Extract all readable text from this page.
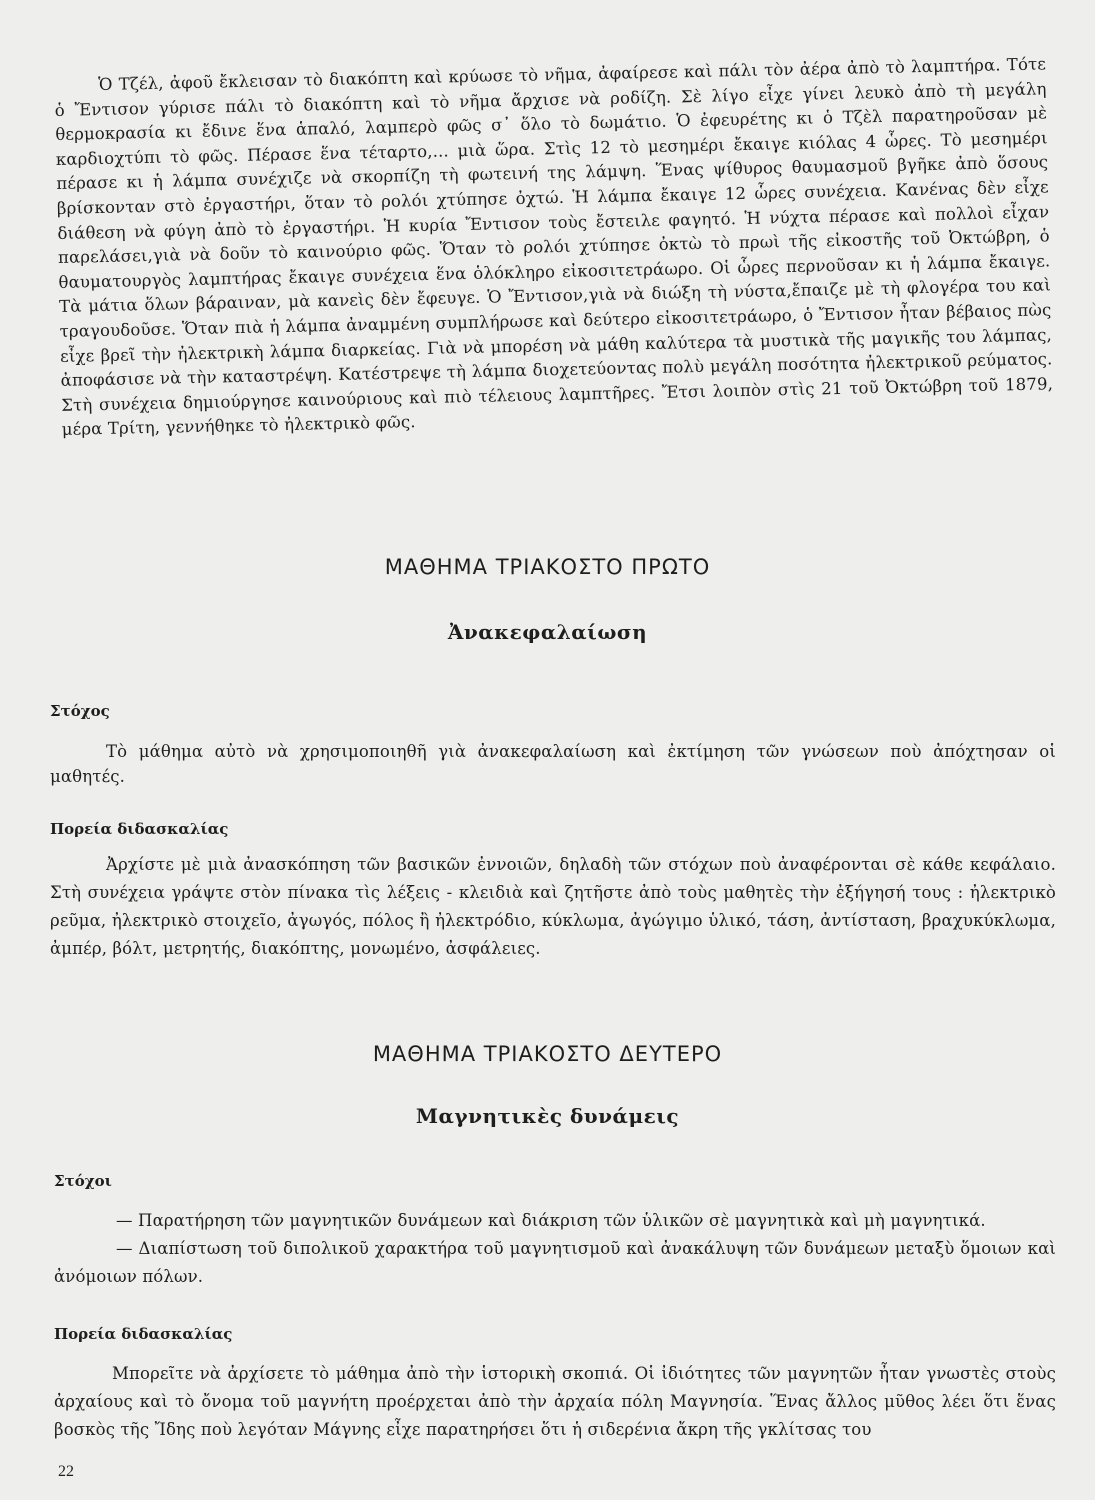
Ὁ Τζέλ, ἀφοῦ ἔκλεισαν τὸ διακόπτη καὶ κρύωσε τὸ νῆμα, ἀφαίρεσε καὶ πάλι τὸν ἀέρα ἀπὸ τὸ λαμπτήρα. Τότε ὁ Ἔντισον γύρισε πάλι τὸ διακόπτη καὶ τὸ νῆμα ἄρχισε νὰ ροδίζη. Σὲ λίγο εἶχε γίνει λευκὸ ἀπὸ τὴ μεγάλη θερμοκρασία κι ἔδινε ἕνα ἁπαλό, λαμπερὸ φῶς σ᾽ ὅλο τὸ δωμάτιο. Ὁ ἐφευρέτης κι ὁ Τζὲλ παρατηροῦσαν μὲ καρδιοχτύπι τὸ φῶς. Πέρασε ἕνα τέταρτο,... μιὰ ὥρα. Στὶς 12 τὸ μεσημέρι ἔκαιγε κιόλας 4 ὧρες. Τὸ μεσημέρι πέρασε κι ἡ λάμπα συνέχιζε νὰ σκορπίζη τὴ φωτεινή της λάμψη. Ἕνας ψίθυρος θαυμασμοῦ βγῆκε ἀπὸ ὅσους βρίσκονταν στὸ ἐργαστήρι, ὅταν τὸ ρολόι χτύπησε ὀχτώ. Ἡ λάμπα ἔκαιγε 12 ὧρες συνέχεια. Κανένας δὲν εἶχε διάθεση νὰ φύγη ἀπὸ τὸ ἐργαστήρι. Ἡ κυρία Ἔντισον τοὺς ἔστειλε φαγητό. Ἡ νύχτα πέρασε καὶ πολλοὶ εἶχαν παρελάσει,γιὰ νὰ δοῦν τὸ καινούριο φῶς. Ὅταν τὸ ρολόι χτύπησε ὀκτὼ τὸ πρωὶ τῆς εἰκοστῆς τοῦ Ὀκτώβρη, ὁ θαυματουργὸς λαμπτήρας ἔκαιγε συνέχεια ἕνα ὁλόκληρο εἰκοσιτετράωρο. Οἱ ὧρες περνοῦσαν κι ἡ λάμπα ἔκαιγε. Τὰ μάτια ὅλων βάραιναν, μὰ κανεὶς δὲν ἔφευγε. Ὁ Ἔντισον,γιὰ νὰ διώξη τὴ νύστα,ἔπαιζε μὲ τὴ φλογέρα του καὶ τραγουδοῦσε. Ὅταν πιὰ ἡ λάμπα ἀναμμένη συμπλήρωσε καὶ δεύτερο εἰκοσιτετράωρο, ὁ Ἔντισον ἦταν βέβαιος πὼς εἶχε βρεῖ τὴν ἠλεκτρικὴ λάμπα διαρκείας. Γιὰ νὰ μπορέση νὰ μάθη καλύτερα τὰ μυστικὰ τῆς μαγικῆς του λάμπας, ἀποφάσισε νὰ τὴν καταστρέψη. Κατέστρεψε τὴ λάμπα διοχετεύοντας πολὺ μεγάλη ποσότητα ἠλεκτρικοῦ ρεύματος. Στὴ συνέχεια δημιούργησε καινούριους καὶ πιὸ τέλειους λαμπτῆρες. Ἔτσι λοιπὸν στὶς 21 τοῦ Ὀκτώβρη τοῦ 1879, μέρα Τρίτη, γεννήθηκε τὸ ἠλεκτρικὸ φῶς.

ΜΑΘΗΜΑ ΤΡΙΑΚΟΣΤΟ ΠΡΩΤΟ
Ἀνακεφαλαίωση
Στόχος

Τὸ μάθημα αὐτὸ νὰ χρησιμοποιηθῆ γιὰ ἀνακεφαλαίωση καὶ ἐκτίμηση τῶν γνώσεων ποὺ ἀπόχτησαν οἱ μαθητές.

Πορεία διδασκαλίας

Ἀρχίστε μὲ μιὰ ἀνασκόπηση τῶν βασικῶν ἐννοιῶν, δηλαδὴ τῶν στόχων ποὺ ἀναφέρονται σὲ κάθε κεφάλαιο. Στὴ συνέχεια γράψτε στὸν πίνακα τὶς λέξεις - κλειδιὰ καὶ ζητῆστε ἀπὸ τοὺς μαθητὲς τὴν ἐξήγησή τους : ἠλεκτρικὸ ρεῦμα, ἠλεκτρικὸ στοιχεῖο, ἀγωγός, πόλος ἢ ἠλεκτρόδιο, κύκλωμα, ἀγώγιμο ὑλικό, τάση, ἀντίσταση, βραχυκύκλωμα, ἀμπέρ, βόλτ, μετρητής, διακόπτης, μονωμένο, ἀσφάλειες.

ΜΑΘΗΜΑ ΤΡΙΑΚΟΣΤΟ ΔΕΥΤΕΡΟ
Μαγνητικὲς δυνάμεις
Στόχοι
— Παρατήρηση τῶν μαγνητικῶν δυνάμεων καὶ διάκριση τῶν ὑλικῶν σὲ μαγνητικὰ καὶ μὴ μαγνητικά.
— Διαπίστωση τοῦ διπολικοῦ χαρακτήρα τοῦ μαγνητισμοῦ καὶ ἀνακάλυψη τῶν δυνάμεων μεταξὺ ὅμοιων καὶ ἀνόμοιων πόλων.
Πορεία διδασκαλίας

Μπορεῖτε νὰ ἀρχίσετε τὸ μάθημα ἀπὸ τὴν ἱστορικὴ σκοπιά. Οἱ ἰδιότητες τῶν μαγνητῶν ἦταν γνωστὲς στοὺς ἀρχαίους καὶ τὸ ὄνομα τοῦ μαγνήτη προέρχεται ἀπὸ τὴν ἀρχαία πόλη Μαγνησία. Ἕνας ἄλλος μῦθος λέει ὅτι ἕνας βοσκὸς τῆς Ἴδης ποὺ λεγόταν Μάγνης εἶχε παρατηρήσει ὅτι ἡ σιδερένια ἄκρη τῆς γκλίτσας του

22
